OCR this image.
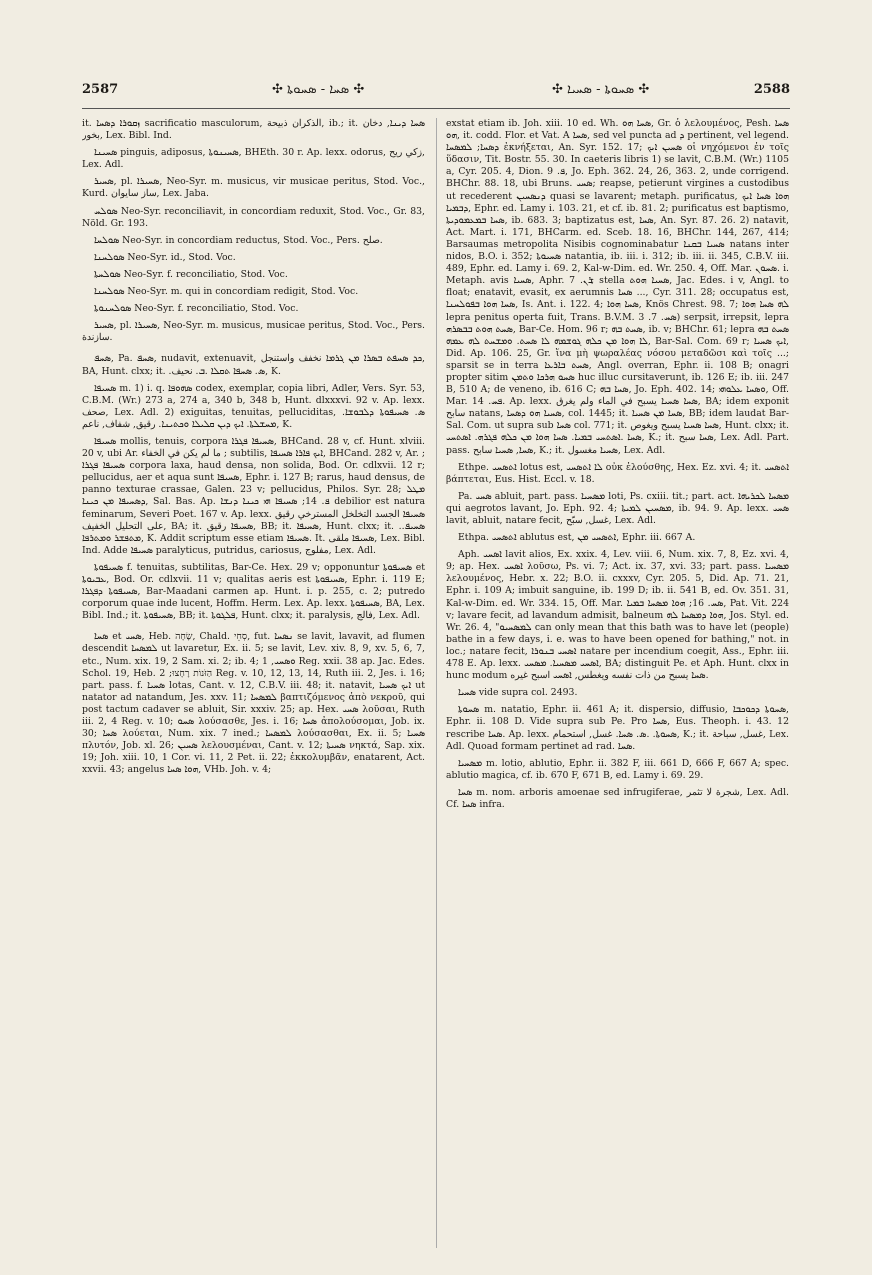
2587	✣ ܣܚܐ - ܣܚܘܬܐ ✣	✣ ܣܚܘܬܐ - ܣܚܝܐ ✣	2588

it. ܙܩܘܪܐ ܕܣܚܐ sacrificatio masculorum, الذكران ذبيحة, ib.; it. ܣܚܐ ܕܝܢܐ, دخان بخور, Lex. Bibl. Ind.

ܣܚܝܢܐ pinguis, adiposus, ܣܚܝܢܘܬܐ, BHEth. 30 r. Ap. lexx. odorus, زكي ريح, Lex. Adl.

ܣܚܝܪ, pl. ܣܚܝܪܐ, Neo-Syr. m. musicus, vir musicae peritus, Stod. Voc., Kurd. ساز سايوان, Lex. Jaba.

ܣܘܠܚ Neo-Syr. reconciliavit, in concordiam reduxit, Stod. Voc., Gr. 83, Nöld. Gr. 193.

ܣܘܠܚܐ Neo-Syr. in concordiam reductus, Stod. Voc., Pers. صلح.

ܣܘܠܚܢܐ Neo-Syr. id., Stod. Voc.

ܣܘܠܚܬܐ Neo-Syr. f. reconciliatio, Stod. Voc.

ܣܘܠܚܢܐ Neo-Syr. m. qui in concordiam redigit, Stod. Voc.

ܣܘܠܚܢܘܬܐ Neo-Syr. f. reconciliatio, Stod. Voc.

ܣܚܝܪ, pl. ܣܚܝܪܐ, Neo-Syr. m. musicus, musicae peritus, Stod. Voc., Pers. سازندة.

ܣܚܦ, Pa. ܣܚܦ, nudavit, extenuavit, ܟܕ ܣܚܦܬ ܒܣܪܐ ܡܢ ܓܪܡܐ نخفف واستنجل, BA, Hunt. clxx; it. .ܣ. ܣܚܦܐ ܬܩܠܐ .ܒ. نحيف, K.

ܣܚܝܦܐ m. 1) i. q. ܣܗܘܦܐ codex, exemplar, copia libri, Adler, Vers. Syr. 53, C.B.M. (Wr.) 273 a, 274 a, 340 b, 348 b, Hunt. dlxxxvi. 92 v. Ap. lexx. صحف, Lex. Adl. 2) exiguitas, tenuitas, pelluciditas, .ܣ. ܣܚܝܦܘܬܐ ܕܠܒܘܫܐ ܡܚܫܠܬܐ. ܐܝܟ ܕܝܢ ܩܠܝܠܐ ܘܟܬܝܢܐ. رقيق, شفاف, ناعم, K.

ܣܚܝܦܐ mollis, tenuis, corpora ܣܚܝܦܐ ܦܓܪܐ, BHCand. 28 v, cf. Hunt. xlviii. 20 v, ubi Ar. ما لم يكن في الخفاء ; subtilis, ܐܝܟ ܦܐܪܐ ܣܚܝܦܐ, BHCand. 282 v, Ar. ; ܣܚܝܦܐ ܦܓܪܐ corpora laxa, haud densa, non solida, Bod. Or. cdlxvii. 12 r; pellucidus, aer et aqua sunt ܣܚܝܦܐ, Ephr. i. 127 B; rarus, haud densus, de panno texturae crassae, Galen. 23 v; pellucidus, Philos. Syr. 28; ܡܛܠ ܕܣܚܝܦܐ ܡܢ ܟܝܢܐ, Sal. Bas. Ap. ܦ. 14; ܣܚܝܦܐ ܗܝ ܟܝܢܐ ܕܢܫܐ debilior est natura feminarum, Severi Poet. 167 v. Ap. lexx. ܣܚܝܦܐ الجسد التخلخل المسترخي رقيق على التحليل الخفيف, BA; it. ܣܚܝܦܐ رقيق, BB; it. ܣܚܝܦܐ, Hunt. clxx; it. .ܣܚܝܦ. ܡܬܦܫܪ ܘܡܬܪܦܐ, K. Addit scriptum esse etiam ܣܚܝܦܐ. It. ܣܚܝܦܐ ملقى, Lex. Bibl. Ind. Adde ܣܚܝܦܐ paralyticus, putridus, cariosus, مفلوج, Lex. Adl.

ܣܚܝܦܘܬܐ f. tenuitas, subtilitas, Bar-Ce. Hex. 29 v; opponuntur ܣܚܝܦܘܬܐ et ܥܒܝܘܬܐ, Bod. Or. cdlxvii. 11 v; qualitas aeris est ܣܚܝܦܘܬܐ, Ephr. i. 119 E; ܣܚܝܦܘܬܐ ܕܦܓܪܐ, Bar-Maadani carmen ap. Hunt. i. p. 255, c. 2; putredo corporum quae inde lucent, Hoffm. Herm. Lex. Ap. lexx. ܣܚܝܦܘܬܐ, BA, Lex. Bibl. Ind.; it. ܣܚܝܦܘܬܐ, BB; it. ܦܠܓܘܬܐ, Hunt. clxx; it. paralysis, فالج, Lex. Adl.

ܣܚܐ et ܣܚܝ, Heb. שָׂחָה, Chald. סְחֵי, fut. ܢܣܚܐ se lavit, lavavit, ad flumen descendit ܠܡܣܚܐ ut lavaretur, Ex. ii. 5; se lavit, Lev. xiv. 8, 9, xv. 5, 6, 7, etc., Num. xix. 19, 2 Sam. xi. 2; ib. 4; ܘܣܚܝ, 1 Reg. xxii. 38 ap. Jac. Edes. Schol. 19, Heb. הַזֹּנוֹת רָחָצוּ; 2 Reg. v. 10, 12, 13, 14, Ruth iii. 2, Jes. i. 16; part. pass. f. ܣܚܝܐ lotas, Cant. v. 12, C.B.V. iii. 48; it. natavit, ܐܝܟ ܣܚܝܐ ut natator ad natandum, Jes. xxv. 11; ܠܡܣܚܐ βαπτιζόμενος ἀπὸ νεκροῦ, qui post tactum cadaver se abluit, Sir. xxxiv. 25; ap. Hex. ܣܚܝ λοῦσαι, Ruth iii. 2, 4 Reg. v. 10; ܣܚܘ λούσασθε, Jes. i. 16; ܣܚܐ ἀπολούσομαι, Job. ix. 30; ܣܚܐ λούεται, Num. xix. 7 ined.; ܠܡܣܚܐ λούσασθαι, Ex. ii. 5; ܣܚܝܐ πλυτόν, Job. xl. 26; ܣܚܝܢ λελουσμέναι, Cant. v. 12; ܣܚܝܬܐ νηκτά, Sap. xix. 19; Joh. xiii. 10, 1 Cor. vi. 11, 2 Pet. ii. 22; ἐκκολυμβᾶν, enatarent, Act. xxvii. 43; angelus ܗܘܐ ܣܚܐ, VHb. Joh. v. 4;

exstat etiam ib. Joh. xiii. 10 ed. Wh. ܣܚܐ ܗܘ, Gr. ὁ λελουμένος, Pesh. ܣܚܐ ܗܘ, it. codd. Flor. et Vat. A ܣܚܐ, sed vel puncta ad ܕ pertinent, vel legend. ܕܣܚܐ; ܠܡܣܚܐ ἐκνήξεται, An. Syr. 152. 17; ܣܚܝܢ ܐܝܟ οἱ νηχόμενοι ἐν τοῖς ὕδασιν, Tit. Bostr. 55. 30. In caeteris libris 1) se lavit, C.B.M. (Wr.) 1105 a, Cyr. 205. 4, Dion. ܦ. 9, Jo. Eph. 362. 24, 26, 363. 2, unde corrigend. BHChr. 88. 18, ubi Bruns. ܣܚܝ; reapse, petierunt virgines a custodibus ut recederent ܕܢܣܚܝܢ quasi se lavarent; metaph. purificatus, ܗܘܐ ܣܚܐ ܐܝܟ ܕܒܡܝܐ, Ephr. ed. Lamy i. 103. 21, et cf. ib. 81. 2; purificatus est baptismo, ܣܚܐ ܒܡܥܡܘܕܝܬܐ, ib. 683. 3; baptizatus est, ܣܚܐ, An. Syr. 87. 26. 2) natavit, Act. Mart. i. 171, BHCarm. ed. Sceb. 18. 16, BHChr. 144, 267, 414; Barsaumas metropolita Nisibis cognominabatur ܣܚܝܐ ܒܩܢܐ natans inter nidos, B.O. i. 352; ܣܚܝܘܬܐ natantia, ib. iii. i. 312; ib. iii. ii. 345, C.B.V. iii. 489, Ephr. ed. Lamy i. 69. 2, Kal-w-Dim. ed. Wr. 250. 4, Off. Mar. ܣܚܘܢ. i. Metaph. avis ܣܚܝܐ, Aphr. ܪܢ. 7; stella ܣܚܝܐ ܗܘܬ, Jac. Edes. i v, Angl. to float; enatavit, evasit, ex aerumnis ܣܚܐ ..., Cyr. 311. 28; occupatus est, ܣܚܐ ܗܘܐ ܒܦܘܠܚܢܐ, Is. Ant. i. 122. 4; ܣܚܐ ܗܘܐ, Knös Chrest. 98. 7; ܠܗ ܣܚܐ ܗܘܐ lepra penitus operta fuit, Trans. B.V.M. ܣܚ. 7. 3) serpsit, irrepsit, lepra ܣܚܬ ܗܘܬ ܒܒܣܪܗ, Bar-Ce. Hom. 96 r; ܣܚܬ ܒܗ, ib. v; BHChr. 61; lepra ܣܚܬ ܒܗ ܠܐ ܗܘܐ ܡܢ ܟܠܗ ܓܘܫܡܗ ܠܐ ܣܚܬ. ܘܡܫܚܬ ܠܗ ܥܡܗ, Bar-Sal. Com. 69 r; ܐܝܟ ܣܚܝܐ, Did. Ap. 106. 25, Gr. ἵνα μὴ ψωραλέας νόσου μεταδῶσι καὶ τοῖς ...; sparsit se in terra ܣܚܬ ܒܐܪܥܐ, Angl. overran, Ephr. ii. 108 B; onagri propter sitim ܣܚܘ ܗܪܟܐ ܘܬܡܢ huc illuc cursitaverunt, ib. 126 E; ib. iii. 247 B, 510 A; de veneno, ib. 616 C; ܣܚܐ ܒܗ, Jo. Eph. 402. 14; ܘܣܚܐ ܥܠܘܗܝ, Off. Mar. ܦܚ. 14. Ap. lexx. ܣܚܐ ܣܚܝܐ يسبح في الماء ولم يغرق, BA; idem exponit سابح natans, ܣܚܝܐ ܗܘ ܕܣܚܐ, col. 1445; it. ܣܚܐ ܡܢ ܣܚܝܐ, BB; idem laudat Bar-Sal. Com. ut supra sub ܣܚܐ col. 771; it. ܣܚܐ ܣܚܝܐ يسبح ويغوص, Hunt. clxx; it. ܣܚܐ .ܐܣܬܚܝ ܒܡܝܐ. ܣܚܐ ܗܘܐ ܡܢ ܟܠܗ ܦܓܪܗ. ܐܣܬܚܝ, K.; it. ܣܚܐ سبح, Lex. Adl. Part. pass. ܣܚܐ, ܣܚܝܐ سابح, K.; it. ܣܚܝܐ مغسول, Lex. Adl.

Ethpe. ܐܬܣܚܝ lotus est, ܠܐ ܐܬܣܚܝ οὐκ ἐλούσθης, Hex. Ez. xvi. 4; it. ܐܬܣܚܝ βάπτεται, Eus. Hist. Eccl. v. 18.

Pa. ܣܚܝ abluit, part. pass. ܡܣܚܝܐ loti, Ps. cxiii. tit.; part. act. ܡܣܚܐ ܠܟܪܝܗܐ qui aegrotos lavant, Jo. Eph. 92. 4; ܡܣܚܝܢ ܠܡܝܬܐ, ib. 94. 9. Ap. lexx. ܣܚܝ lavit, abluit, natare fecit, غسل, سبّح, Lex. Adl.

Ethpa. ܐܬܣܚܝ ablutus est, ܐܬܣܚܝ ܡܢ, Ephr. iii. 667 A.

Aph. ܐܣܚܝ lavit alios, Ex. xxix. 4, Lev. viii. 6, Num. xix. 7, 8, Ez. xvi. 4, 9; ap. Hex. ܐܣܚܝ λοῦσω, Ps. vi. 7; Act. ix. 37, xvi. 33; part. pass. ܡܣܚܝܐ λελουμένος, Hebr. x. 22; B.O. ii. cxxxv, Cyr. 205. 5, Did. Ap. 71. 21, Ephr. i. 109 A; imbuit sanguine, ib. 199 D; ib. ii. 541 B, ed. Ov. 351. 31, Kal-w-Dim. ed. Wr. 334. 15, Off. Mar. ܣܚ. 16; ܗܘܐ ܡܣܚܐ ܒܡܝܐ, Pat. Vit. 224 v; lavare fecit, ad lavandum admisit, balneum ܗܘܐ ܕܡܣܚܐ ܠܗ, Jos. Styl. ed. Wr. 26. 4, "ܠܡܣܚܝܘ can only mean that this bath was to have let (people) bathe in a few days, i. e. was to have been opened for bathing," not. in loc.; natare fecit, ܐܣܚܝ ܒܢܘܪܐ natare per incendium coegit, Ass., Ephr. iii. 478 E. Ap. lexx. ܐܣܚܝ ܡܣܚܝܐ. ܡܣܚܝ, BA; distinguit Pe. et Aph. Hunt. clxx in hunc modum ܣܚܐ يسبح من ذات نفسه ويغطس, ܐܣܚܝ اسبح غيره.

ܣܚܝܐ vide supra col. 2493.

ܣܚܘܬܐ m. natatio, Ephr. ii. 461 A; it. dispersio, diffusio, ܣܚܘܬܐ ܕܟܘܟܒܐ, Ephr. ii. 108 D. Vide supra sub Pe. Pro ܣܚܐ, Eus. Theoph. i. 43. 12 rescribe ܣܚܐ. Ap. lexx. ܣܚܘܬܐ. .ܣ. ܣܚܐ. غسل, استحمام, K.; it. غسل, سباحة, Lex. Adl. Quoad formam pertinet ad rad. ܣܚܐ.

ܡܣܚܝܐ m. lotio, ablutio, Ephr. ii. 382 F, iii. 661 D, 666 F, 667 A; spec. ablutio magica, cf. ib. 670 F, 671 B, ed. Lamy i. 69. 29.

ܣܚܐ m. nom. arboris amoenae sed infrugiferae, شجرة لا تثمر, Lex. Adl. Cf. ܣܚܐ infra.
